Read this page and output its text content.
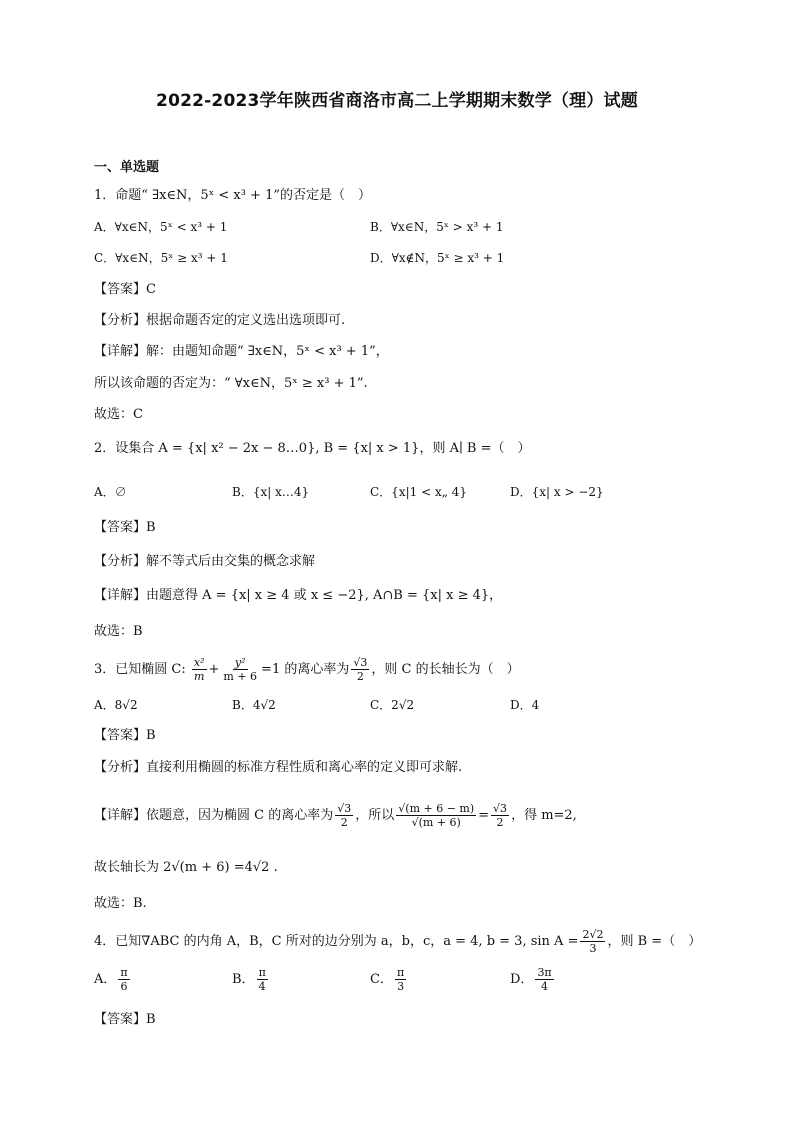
2022-2023学年陕西省商洛市高二上学期期末数学（理）试题
一、单选题
1．命题“ ∃x∈N，5ˣ < x³ + 1”的否定是（　）
A．∀x∈N，5ˣ < x³ + 1	B．∀x∈N，5ˣ > x³ + 1
C．∀x∈N，5ˣ ≥ x³ + 1	D．∀x∉N，5ˣ ≥ x³ + 1
【答案】C
【分析】根据命题否定的定义选出选项即可.
【详解】解：由题知命题“ ∃x∈N，5ˣ < x³ + 1”，
所以该命题的否定为：“ ∀x∈N，5ˣ ≥ x³ + 1”.
故选：C
2．设集合 A = {x| x² − 2x − 8…0}, B = {x| x > 1}，则 A∣ B =（　）
A．∅	B．{x| x…4}	C．{x|1 < x„ 4}	D．{x| x > −2}
【答案】B
【分析】解不等式后由交集的概念求解
【详解】由题意得 A = {x| x ≥ 4 或 x ≤ −2}, A∩B = {x| x ≥ 4}，
故选：B
3．已知椭圆 C: $\frac{\text{x²}}{m} + \frac{\text{y²}}{m + 6} =1$ 的离心率为 $\frac{√3}{2}$ ，则 C 的长轴长为（　）
A．8√2	B．4√2	C．2√2	D．4
【答案】B
【分析】直接利用椭圆的标准方程性质和离心率的定义即可求解.
【详解】依题意，因为椭圆 C 的离心率为 $\frac{√3}{2}$ ，所以 $\frac{√(m + 6 - m)}{√(m + 6)} = \frac{√3}{2}$ ，得 m=2,
故长轴长为 2√(m + 6) =4√2 .
故选：B.
4．已知∇ABC 的内角 A，B，C 所对的边分别为 a，b，c，a = 4, b = 3, $\sin A = \frac{2√2}{3}$ ，则 B =（　）
A． $\frac{\pi}{6}$	B． $\frac{\pi}{4}$	C． $\frac{\pi}{3}$	D． $\frac{3\pi}{4}$
【答案】B
